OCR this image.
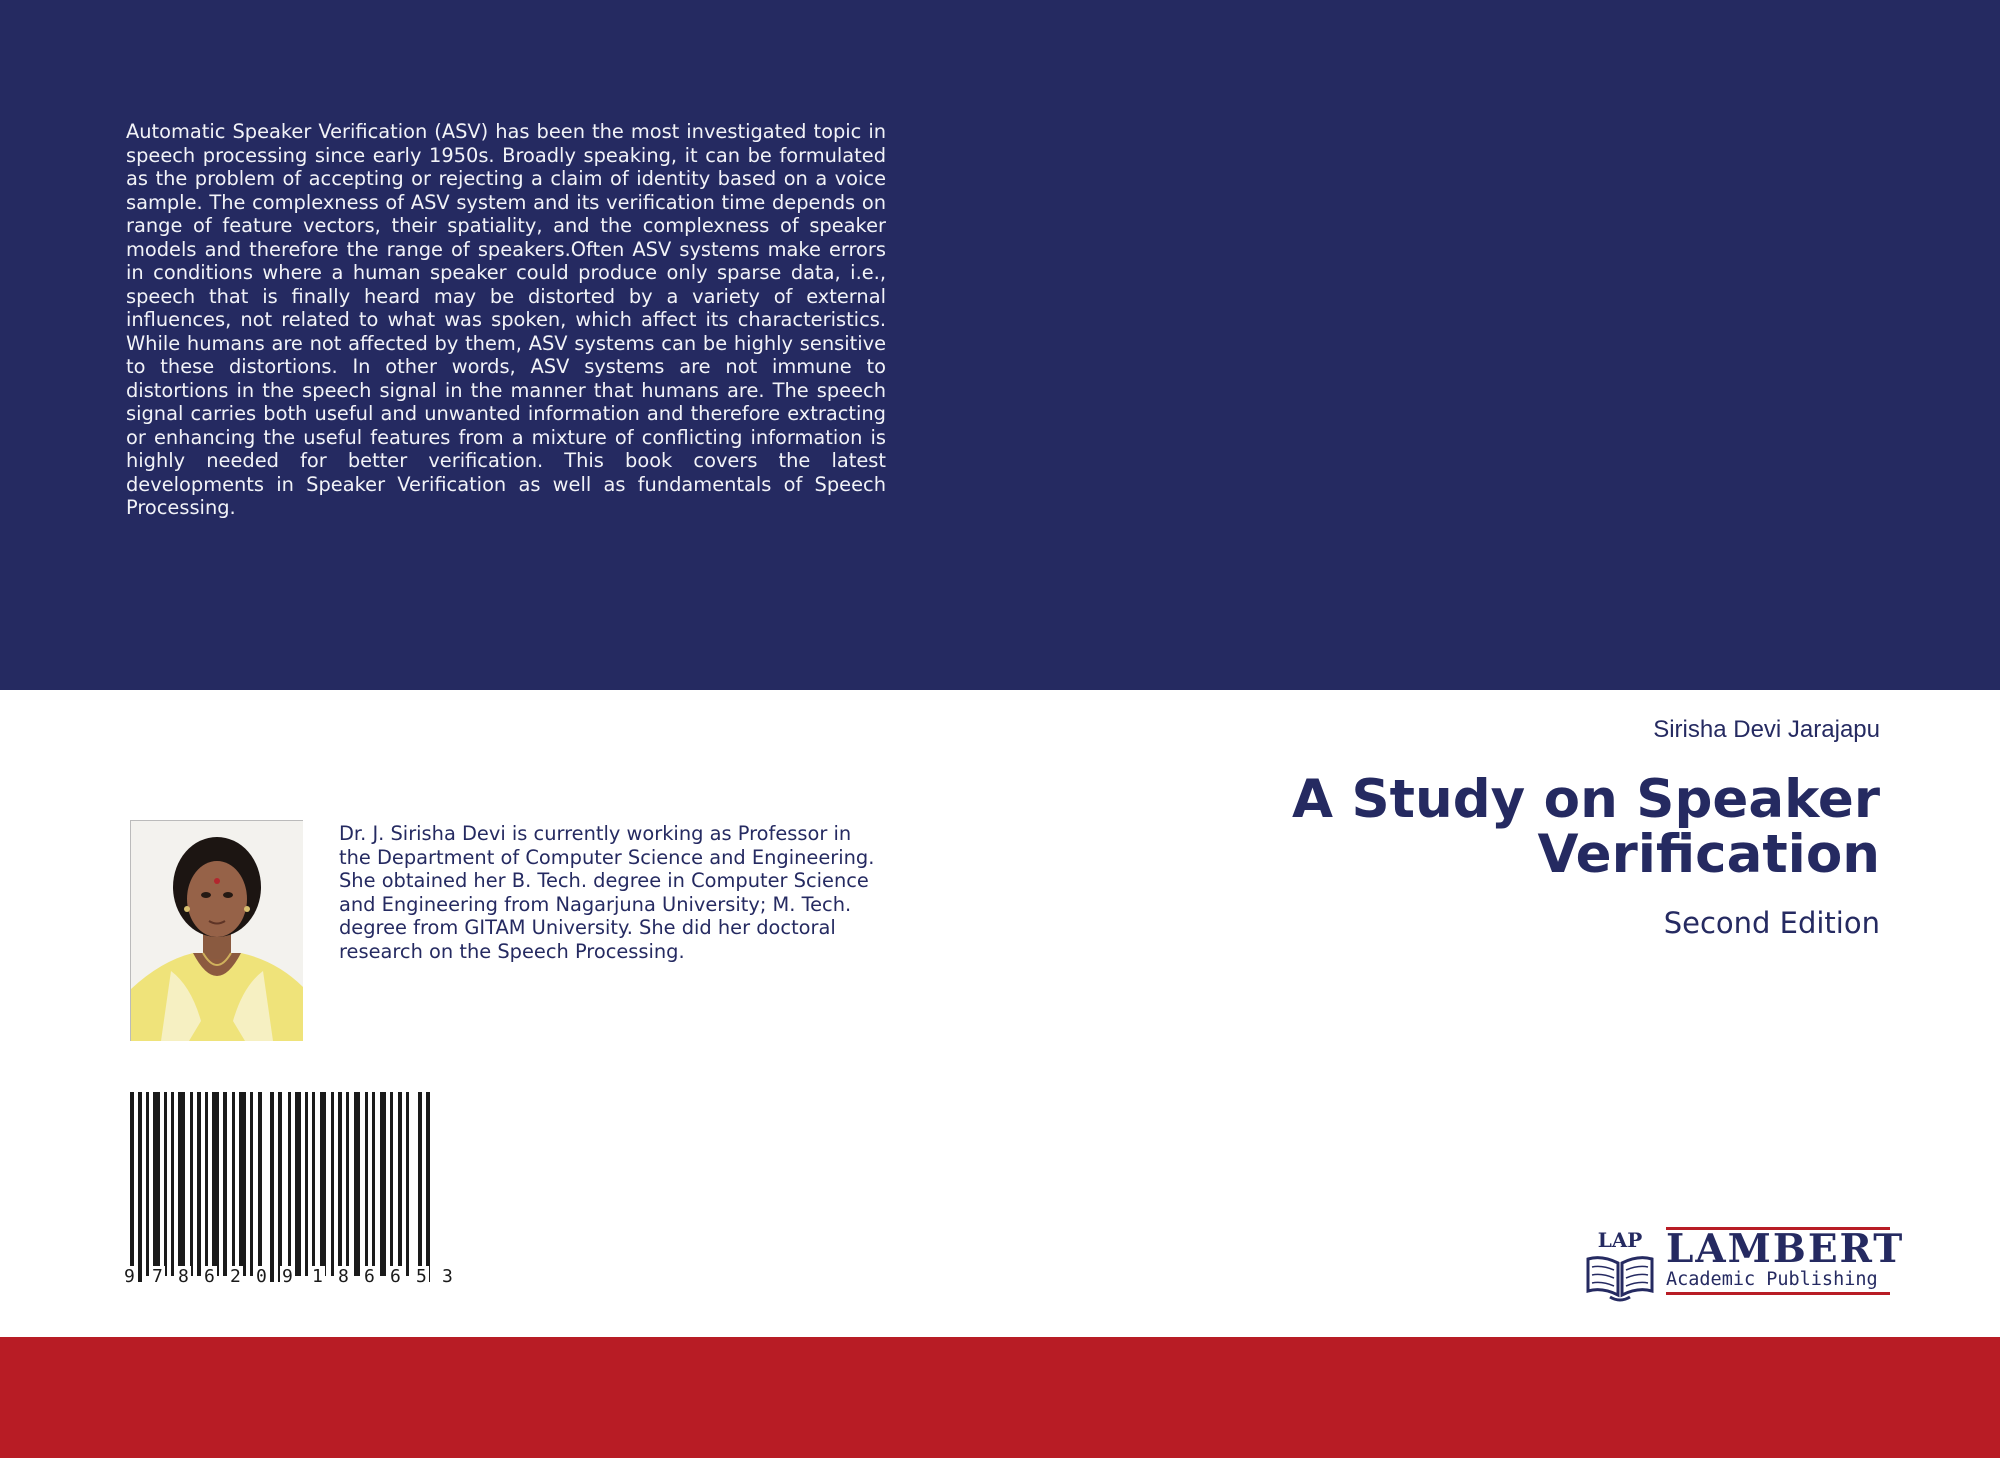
Automatic Speaker Verification (ASV) has been the most investigated topic in speech processing since early 1950s. Broadly speaking, it can be formulated as the problem of accepting or rejecting a claim of identity based on a voice sample. The complexness of ASV system and its verification time depends on range of feature vectors, their spatiality, and the complexness of speaker models and therefore the range of speakers.Often ASV systems make errors in conditions where a human speaker could produce only sparse data, i.e., speech that is finally heard may be distorted by a variety of external influences, not related to what was spoken, which affect its characteristics. While humans are not affected by them, ASV systems can be highly sensitive to these distortions. In other words, ASV systems are not immune to distortions in the speech signal in the manner that humans are. The speech signal carries both useful and unwanted information and therefore extracting or enhancing the useful features from a mixture of conflicting information is highly needed for better verification. This book covers the latest developments in Speaker Verification as well as fundamentals of Speech Processing.

Sirisha Devi Jarajapu
A Study on Speaker Verification
Second Edition

Dr. J. Sirisha Devi is currently working as Professor in the Department of Computer Science and Engineering. She obtained her B. Tech. degree in Computer Science and Engineering from Nagarjuna University; M. Tech. degree from GITAM University. She did her doctoral research on the Speech Processing.

9 7 8 6 2 0 9 1 8 6 6 5 3
LAP LAMBERT
Academic Publishing
